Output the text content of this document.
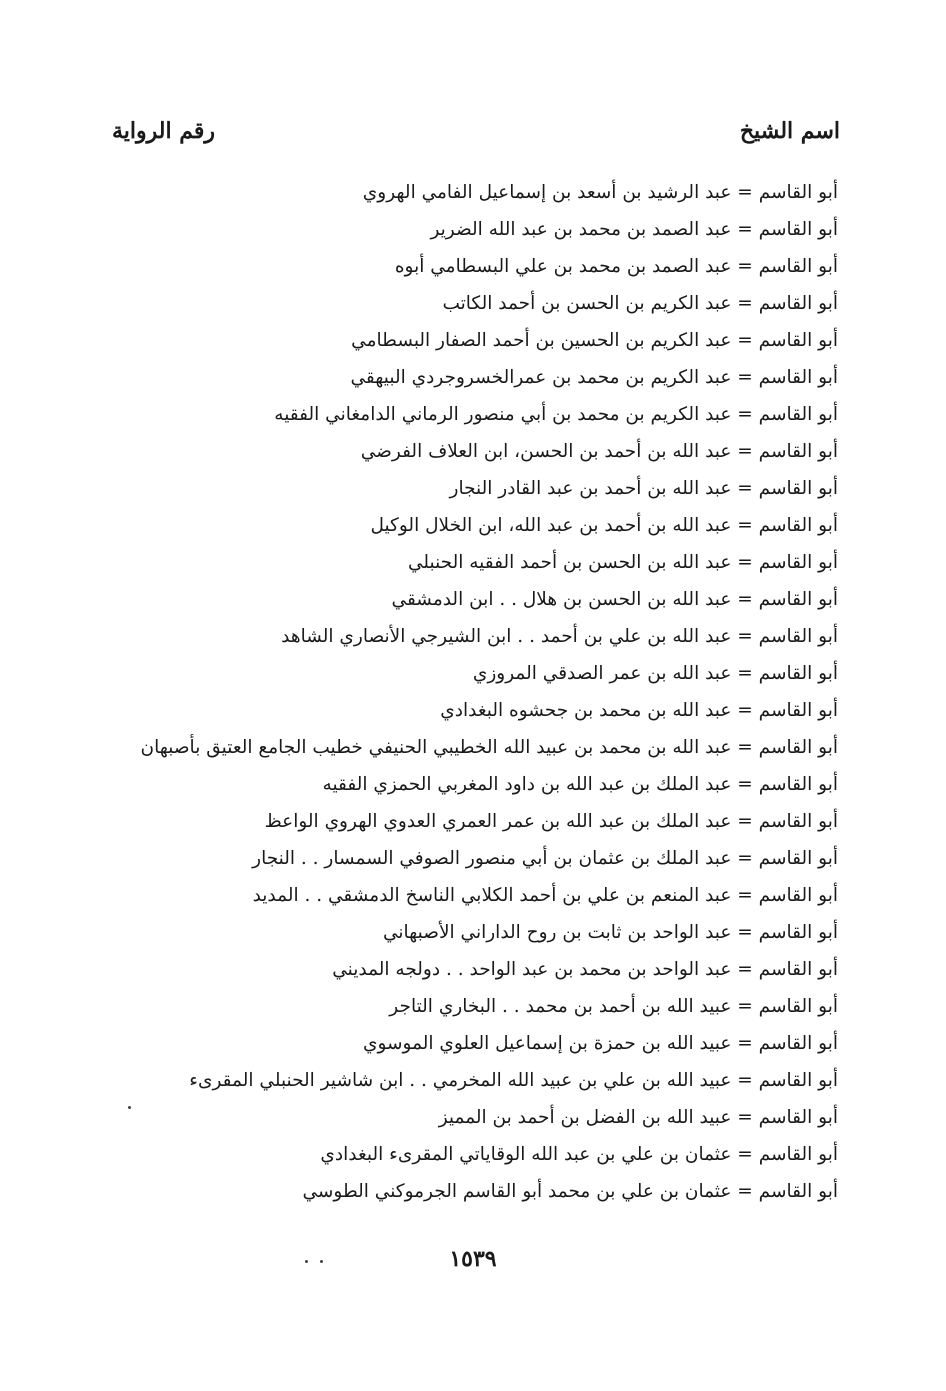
اسم الشيخ
رقم الرواية
أبو القاسم = عبد الرشيد بن أسعد بن إسماعيل الفامي الهروي
أبو القاسم = عبد الصمد بن محمد بن عبد الله الضرير
أبو القاسم = عبد الصمد بن محمد بن علي البسطامي أبوه
أبو القاسم = عبد الكريم بن الحسن بن أحمد الكاتب
أبو القاسم = عبد الكريم بن الحسين بن أحمد الصفار البسطامي
أبو القاسم = عبد الكريم بن محمد بن عمرالخسروجردي البيهقي
أبو القاسم = عبد الكريم بن محمد بن أبي منصور الرماني الدامغاني الفقيه
أبو القاسم = عبد الله بن أحمد بن الحسن، ابن العلاف الفرضي
أبو القاسم = عبد الله بن أحمد بن عبد القادر النجار
أبو القاسم = عبد الله بن أحمد بن عبد الله، ابن الخلال الوكيل
أبو القاسم = عبد الله بن الحسن بن أحمد الفقيه الحنبلي
أبو القاسم = عبد الله بن الحسن بن هلال . . ابن الدمشقي
أبو القاسم = عبد الله بن علي بن أحمد . . ابن الشيرجي الأنصاري الشاهد
أبو القاسم = عبد الله بن عمر الصدقي المروزي
أبو القاسم = عبد الله بن محمد بن جحشوه البغدادي
أبو القاسم = عبد الله بن محمد بن عبيد الله الخطيبي الحنيفي خطيب الجامع العتيق بأصبهان
أبو القاسم = عبد الملك بن عبد الله بن داود المغربي الحمزي الفقيه
أبو القاسم = عبد الملك بن عبد الله بن عمر العمري العدوي الهروي الواعظ
أبو القاسم = عبد الملك بن عثمان بن أبي منصور الصوفي السمسار . . النجار
أبو القاسم = عبد المنعم بن علي بن أحمد الكلابي الناسخ الدمشقي . . المديد
أبو القاسم = عبد الواحد بن ثابت بن روح الداراني الأصبهاني
أبو القاسم = عبد الواحد بن محمد بن عبد الواحد . . دولجه المديني
أبو القاسم = عبيد الله بن أحمد بن محمد . . البخاري التاجر
أبو القاسم = عبيد الله بن حمزة بن إسماعيل العلوي الموسوي
أبو القاسم = عبيد الله بن علي بن عبيد الله المخرمي . . ابن شاشير الحنبلي المقرىء
أبو القاسم = عبيد الله بن الفضل بن أحمد بن المميز
أبو القاسم = عثمان بن علي بن عبد الله الوقاياتي المقرىء البغدادي
أبو القاسم = عثمان بن علي بن محمد أبو القاسم الجرموكني الطوسي
١٥٣٩
